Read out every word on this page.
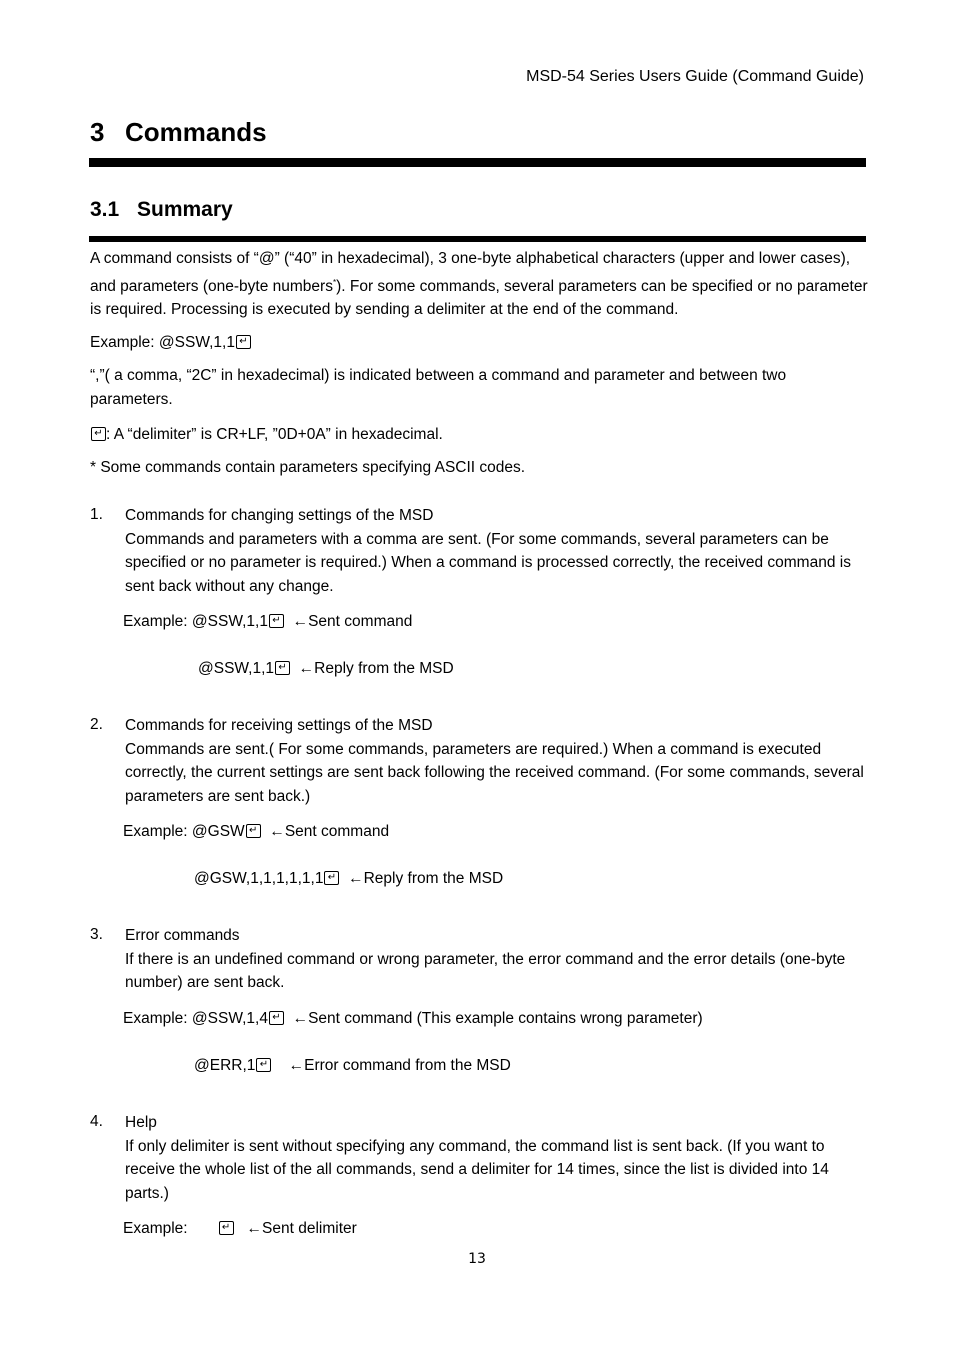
MSD-54 Series Users Guide (Command Guide)
3 Commands
3.1 Summary
A command consists of “@” (“40” in hexadecimal), 3 one-byte alphabetical characters (upper and lower cases), and parameters (one-byte numbers*). For some commands, several parameters can be specified or no parameter is required. Processing is executed by sending a delimiter at the end of the command.
Example: @SSW,1,1 ↵
“,”( a comma, “2C” in hexadecimal) is indicated between a command and parameter and between two parameters.
↵ : A “delimiter” is CR+LF, ”0D+0A” in hexadecimal.
* Some commands contain parameters specifying ASCII codes.
1. Commands for changing settings of the MSD
Commands and parameters with a comma are sent. (For some commands, several parameters can be specified or no parameter is required.) When a command is processed correctly, the received command is sent back without any change.
Example: @SSW,1,1 ↵ ←Sent command
@SSW,1,1 ↵ ←Reply from the MSD
2. Commands for receiving settings of the MSD
Commands are sent.( For some commands, parameters are required.) When a command is executed correctly, the current settings are sent back following the received command. (For some commands, several parameters are sent back.)
Example: @GSW ↵ ←Sent command
@GSW,1,1,1,1,1,1 ↵ ←Reply from the MSD
3. Error commands
If there is an undefined command or wrong parameter, the error command and the error details (one-byte number) are sent back.
Example: @SSW,1,4 ↵ ←Sent command (This example contains wrong parameter)
@ERR,1 ↵ ←Error command from the MSD
4. Help
If only delimiter is sent without specifying any command, the command list is sent back. (If you want to receive the whole list of the all commands, send a delimiter for 14 times, since the list is divided into 14 parts.)
Example:	↵ ←Sent delimiter
13
